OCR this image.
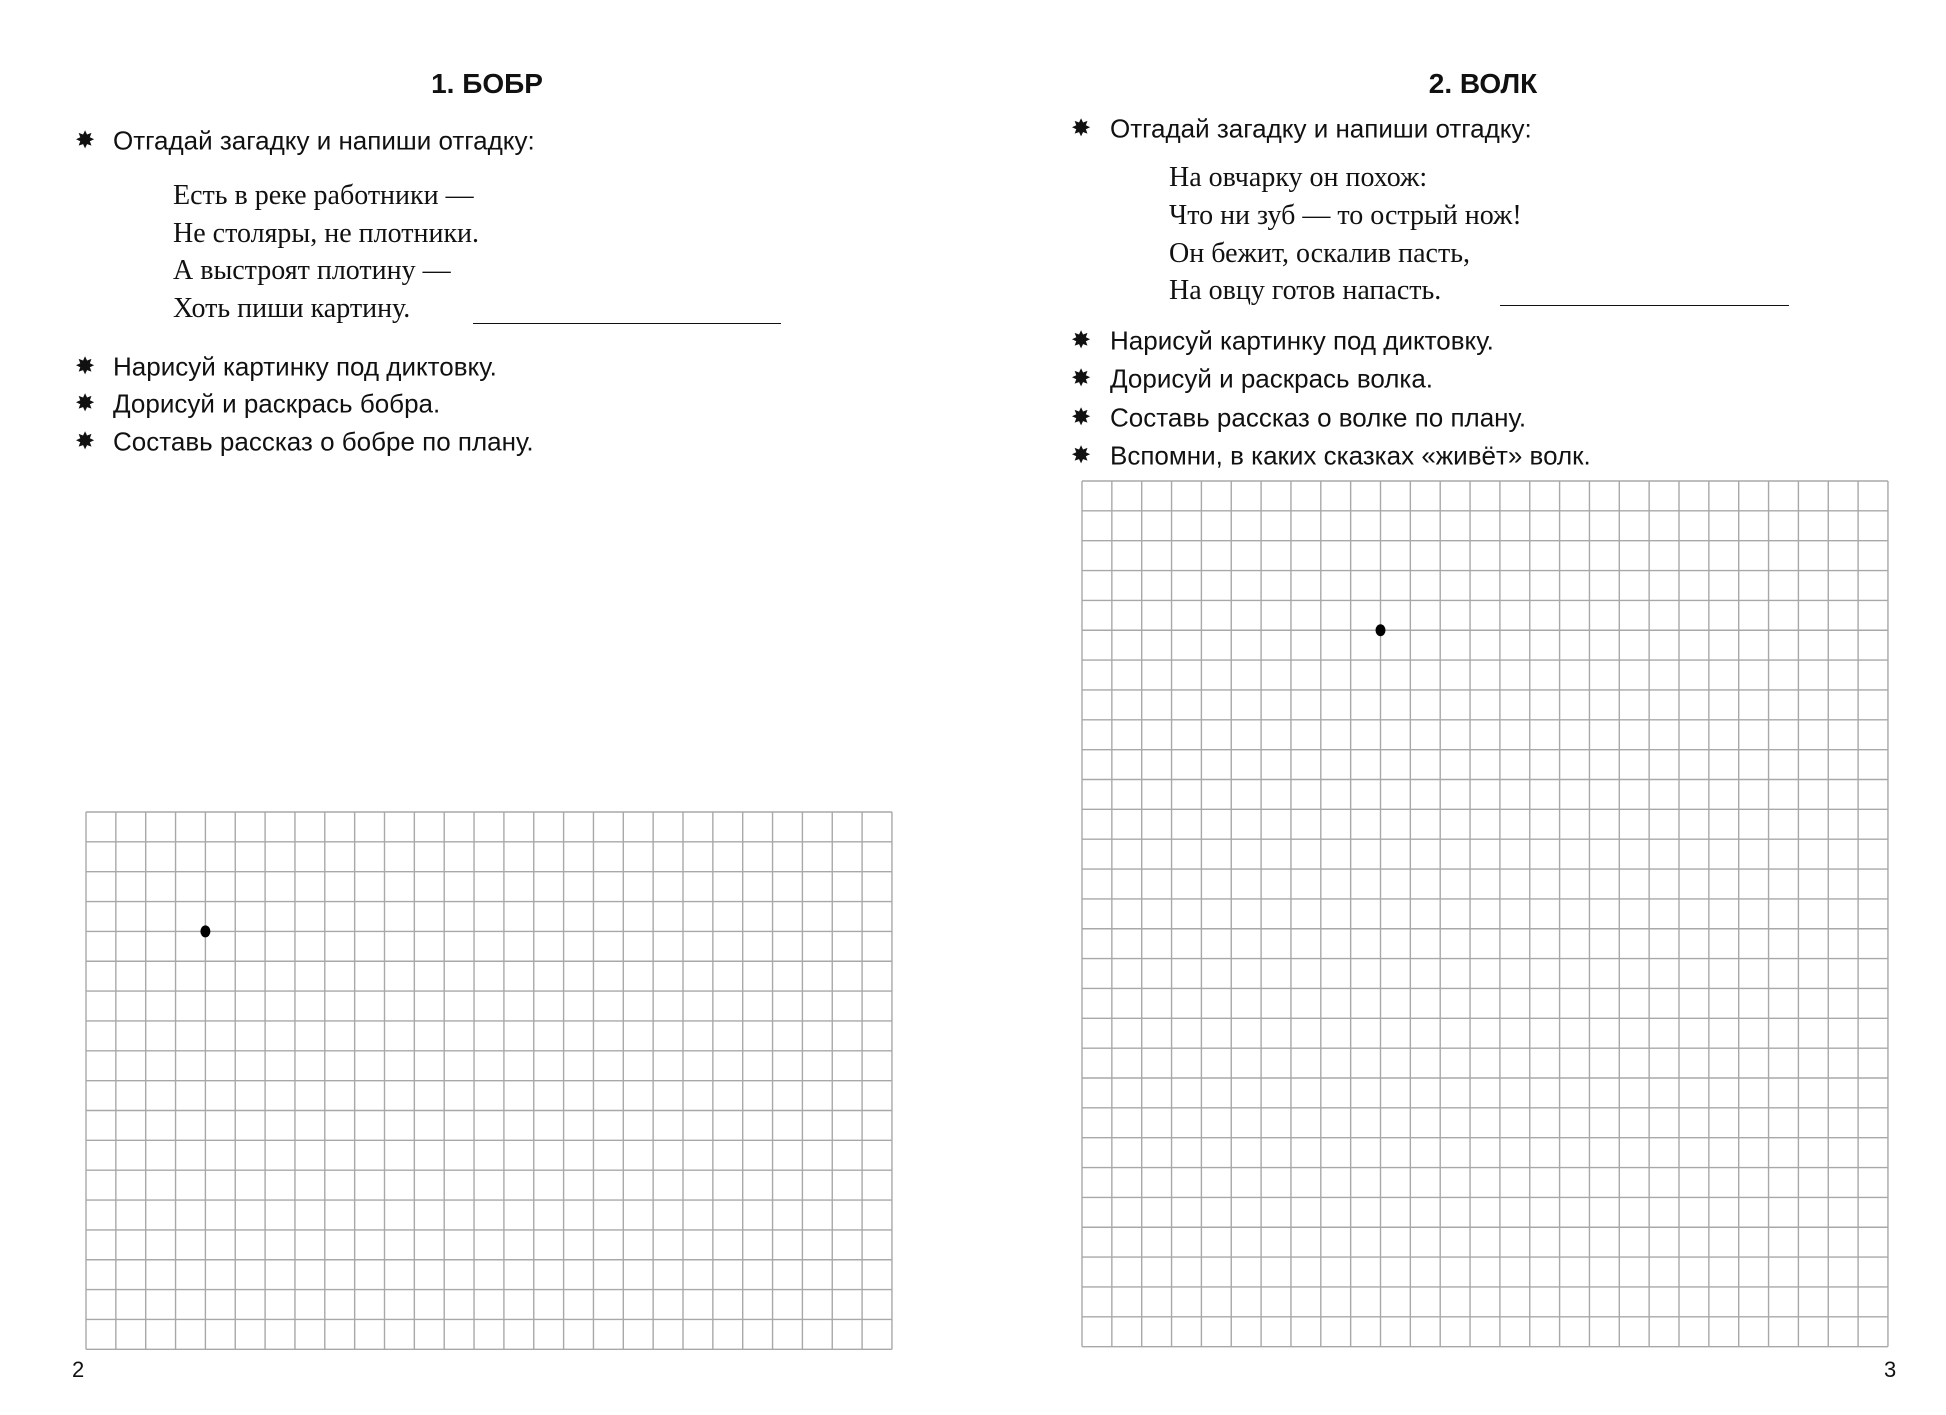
1. БОБР
✸ Отгадай загадку и напиши отгадку:
Есть в реке работники —
Не столяры, не плотники.
А выстроят плотину —
Хоть пиши картину.
✸ Нарисуй картинку под диктовку.
✸ Дорисуй и раскрась бобра.
✸ Составь рассказ о бобре по плану.
2
2. ВОЛК
✸ Отгадай загадку и напиши отгадку:
На овчарку он похож:
Что ни зуб — то острый нож!
Он бежит, оскалив пасть,
На овцу готов напасть.
✸ Нарисуй картинку под диктовку.
✸ Дорисуй и раскрась волка.
✸ Составь рассказ о волке по плану.
✸ Вспомни, в каких сказках «живёт» волк.
3
